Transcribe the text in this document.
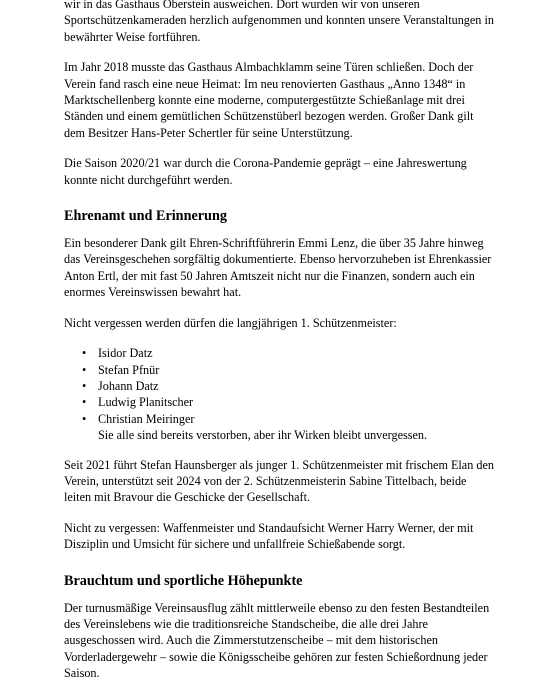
wir in das Gasthaus Oberstein ausweichen. Dort wurden wir von unseren Sportschützenkameraden herzlich aufgenommen und konnten unsere Veranstaltungen in bewährter Weise fortführen.

Im Jahr 2018 musste das Gasthaus Almbachklamm seine Türen schließen. Doch der Verein fand rasch eine neue Heimat: Im neu renovierten Gasthaus „Anno 1348“ in Marktschellenberg konnte eine moderne, computergestützte Schießanlage mit drei Ständen und einem gemütlichen Schützenstüberl bezogen werden. Großer Dank gilt dem Besitzer Hans-Peter Schertler für seine Unterstützung.

Die Saison 2020/21 war durch die Corona-Pandemie geprägt – eine Jahreswertung konnte nicht durchgeführt werden.

Ehrenamt und Erinnerung

Ein besonderer Dank gilt Ehren-Schriftführerin Emmi Lenz, die über 35 Jahre hinweg das Vereinsgeschehen sorgfältig dokumentierte. Ebenso hervorzuheben ist Ehrenkassier Anton Ertl, der mit fast 50 Jahren Amtszeit nicht nur die Finanzen, sondern auch ein enormes Vereinswissen bewahrt hat.

Nicht vergessen werden dürfen die langjährigen 1. Schützenmeister:

• Isidor Datz
• Stefan Pfnür
• Johann Datz
• Ludwig Planitscher
• Christian Meiringer

Sie alle sind bereits verstorben, aber ihr Wirken bleibt unvergessen.

Seit 2021 führt Stefan Haunsberger als junger 1. Schützenmeister mit frischem Elan den Verein, unterstützt seit 2024 von der 2. Schützenmeisterin Sabine Tittelbach, beide leiten mit Bravour die Geschicke der Gesellschaft.

Nicht zu vergessen: Waffenmeister und Standaufsicht Werner Harry Werner, der mit Disziplin und Umsicht für sichere und unfallfreie Schießabende sorgt.

Brauchtum und sportliche Höhepunkte

Der turnusmäßige Vereinsausflug zählt mittlerweile ebenso zu den festen Bestandteilen des Vereinslebens wie die traditionsreiche Standscheibe, die alle drei Jahre ausgeschossen wird. Auch die Zimmerstutzenscheibe – mit dem historischen Vorderladergewehr – sowie die Königsscheibe gehören zur festen Schießordnung jeder Saison.
